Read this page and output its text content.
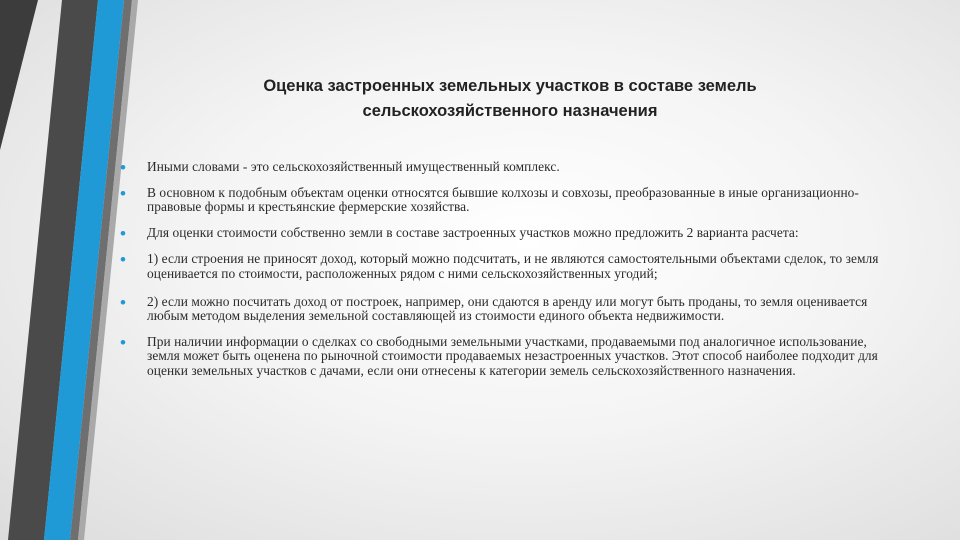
Оценка застроенных земельных участков в составе земель
сельскохозяйственного назначения
• Иными словами - это сельскохозяйственный имущественный комплекс.
• В основном к подобным объектам оценки относятся бывшие колхозы и совхозы, преобразованные в иные организационно-правовые формы и крестьянские фермерские хозяйства.
• Для оценки стоимости собственно земли в составе застроенных участков можно предложить 2 варианта расчета:
• 1) если строения не приносят доход, который можно подсчитать, и не являются самостоятельными объектами сделок, то земля оценивается по стоимости, расположенных рядом с ними сельскохозяйственных угодий;
• 2) если можно посчитать доход от построек, например, они сдаются в аренду или могут быть проданы, то земля оценивается любым методом выделения земельной составляющей из стоимости единого объекта недвижимости.
• При наличии информации о сделках со свободными земельными участками, продаваемыми под аналогичное использование, земля может быть оценена по рыночной стоимости продаваемых незастроенных участков. Этот способ наиболее подходит для оценки земельных участков с дачами, если они отнесены к категории земель сельскохозяйственного назначения.
